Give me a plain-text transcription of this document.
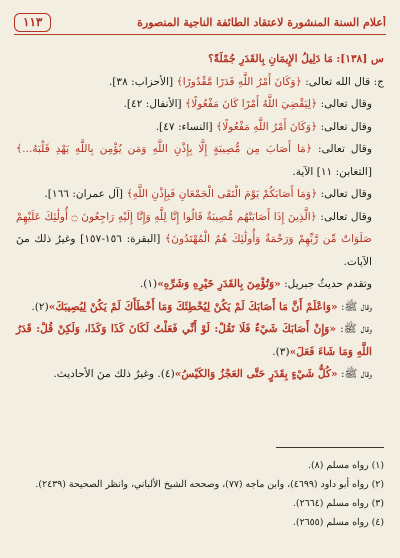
أعلام السنة المنشورة لاعتقاد الطائفة الناجية المنصورة
١١٣

س [١٣٨]: مَا دَلِيلُ الإِيمَانِ بِالقَدَرِ جُمْلَةً؟

ج: قال الله تعالى: ﴿وَكَانَ أَمْرُ اللَّهِ قَدَرًا مَّقْدُورًا﴾ [الأحزاب: ٣٨].

وقال تعالى: ﴿لِيَقْضِيَ اللَّهُ أَمْرًا كَانَ مَفْعُولًا﴾ [الأنفال: ٤٢].

وقال تعالى: ﴿وَكَانَ أَمْرُ اللَّهِ مَفْعُولًا﴾ [النساء: ٤٧].

وقال تعالى: ﴿مَا أَصَابَ مِن مُّصِيبَةٍ إِلَّا بِإِذْنِ اللَّهِ وَمَن يُؤْمِن بِاللَّهِ يَهْدِ قَلْبَهُ...﴾ [التغابن: ١١] الآية.

وقال تعالى: ﴿وَمَا أَصَابَكُمْ يَوْمَ الْتَقَى الْجَمْعَانِ فَبِإِذْنِ اللَّهِ﴾ [آل عمران: ١٦٦].

وقال تعالى: ﴿الَّذِينَ إِذَا أَصَابَتْهُم مُّصِيبَةٌ قَالُوا إِنَّا لِلَّهِ وَإِنَّا إِلَيْهِ رَاجِعُونَ ۝ أُولَٰئِكَ عَلَيْهِمْ صَلَوَاتٌ مِّن رَّبِّهِمْ وَرَحْمَةٌ وَأُولَٰئِكَ هُمُ الْمُهْتَدُونَ﴾ [البقرة: ١٥٦-١٥٧] وغيرُ ذلك منَ الآيات.

وتقدم حديثُ جبريل: «وَتُؤْمِنَ بِالقَدَرِ خَيْرِهِ وَشَرِّهِ»(١).

وقال ﷺ: «وَاعْلَمْ أَنَّ مَا أَصَابَكَ لَمْ يَكُنْ لِيُخْطِئَكَ وَمَا أَخْطَأَكَ لَمْ يَكُنْ لِيُصِيبَكَ»(٢).

وقال ﷺ: «وَإِنْ أَصَابَكَ شَيْءٌ فَلَا تَقُلْ: لَوْ أَنِّي فَعَلْتُ لَكَانَ كَذَا وَكَذَا، وَلَكِنْ قُلْ: قَدَرُ اللَّهِ وَمَا شَاءَ فَعَلَ»(٣).

وقال ﷺ: «كُلُّ شَيْءٍ بِقَدَرٍ حَتَّى العَجْزُ وَالكَيْسُ»(٤). وغيرُ ذلك منَ الأحاديث.

(١) رواه مسلم (٨).

(٢) رواه أبو داود (٤٦٩٩)، وابن ماجه (٧٧)، وصححه الشيخ الألباني، وانظر الصحيحة (٢٤٣٩).

(٣) رواه مسلم (٢٦٦٤).

(٤) رواه مسلم (٢٦٥٥).
